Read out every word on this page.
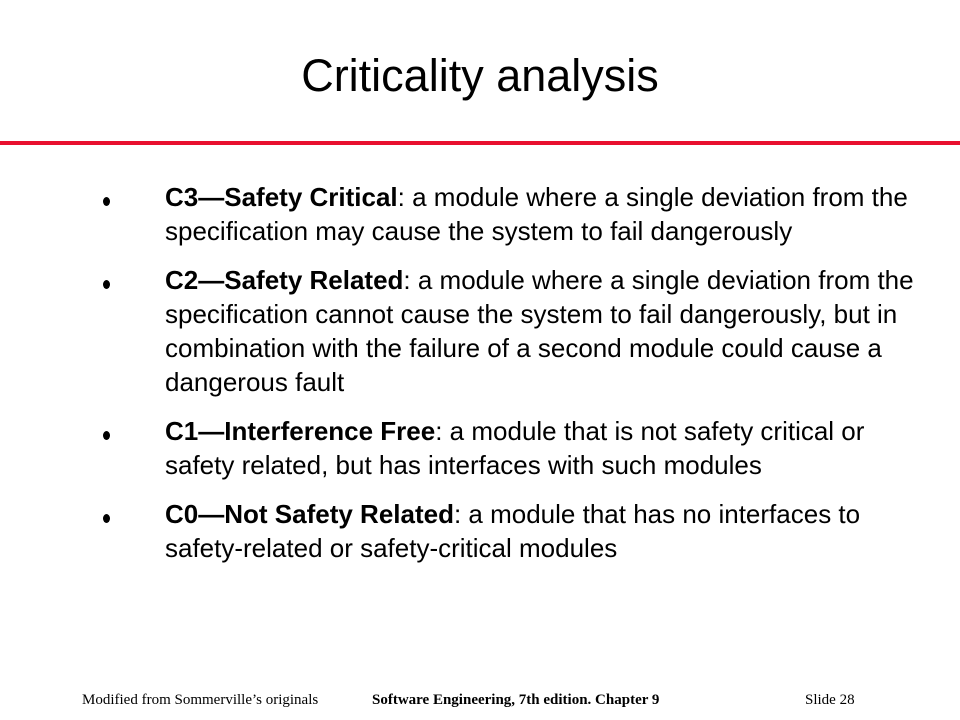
Criticality analysis
C3—Safety Critical: a module where a single deviation from the specification may cause the system to fail dangerously
C2—Safety Related: a module where a single deviation from the specification cannot cause the system to fail dangerously, but in combination with the failure of a second module could cause a dangerous fault
C1—Interference Free: a module that is not safety critical or safety related, but has interfaces with such modules
C0—Not Safety Related: a module that has no interfaces to safety-related or safety-critical modules
Modified from Sommerville’s originals	Software Engineering, 7th edition. Chapter 9	Slide 28
